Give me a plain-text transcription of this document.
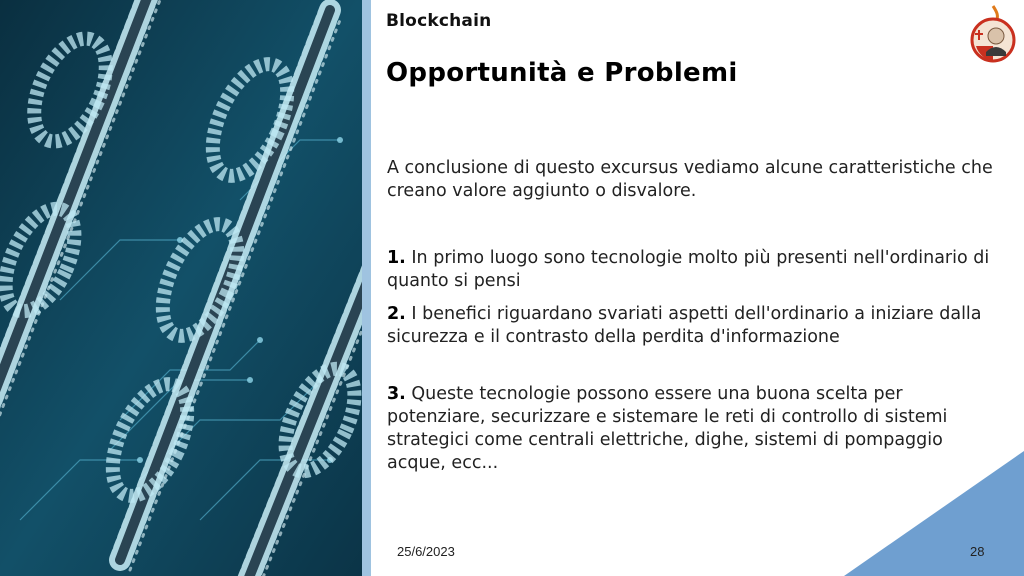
Blockchain
Opportunità e Problemi

A conclusione di questo excursus vediamo alcune caratteristiche che creano valore aggiunto o disvalore.

1. In primo luogo sono tecnologie molto più presenti nell'ordinario di quanto si pensi

2. I benefici riguardano svariati aspetti dell'ordinario a iniziare dalla sicurezza e il contrasto della perdita d'informazione

3. Queste tecnologie possono essere una buona scelta per potenziare, securizzare e sistemare le reti di controllo di sistemi strategici come centrali elettriche, dighe, sistemi di pompaggio acque, ecc...

25/6/2023	28
